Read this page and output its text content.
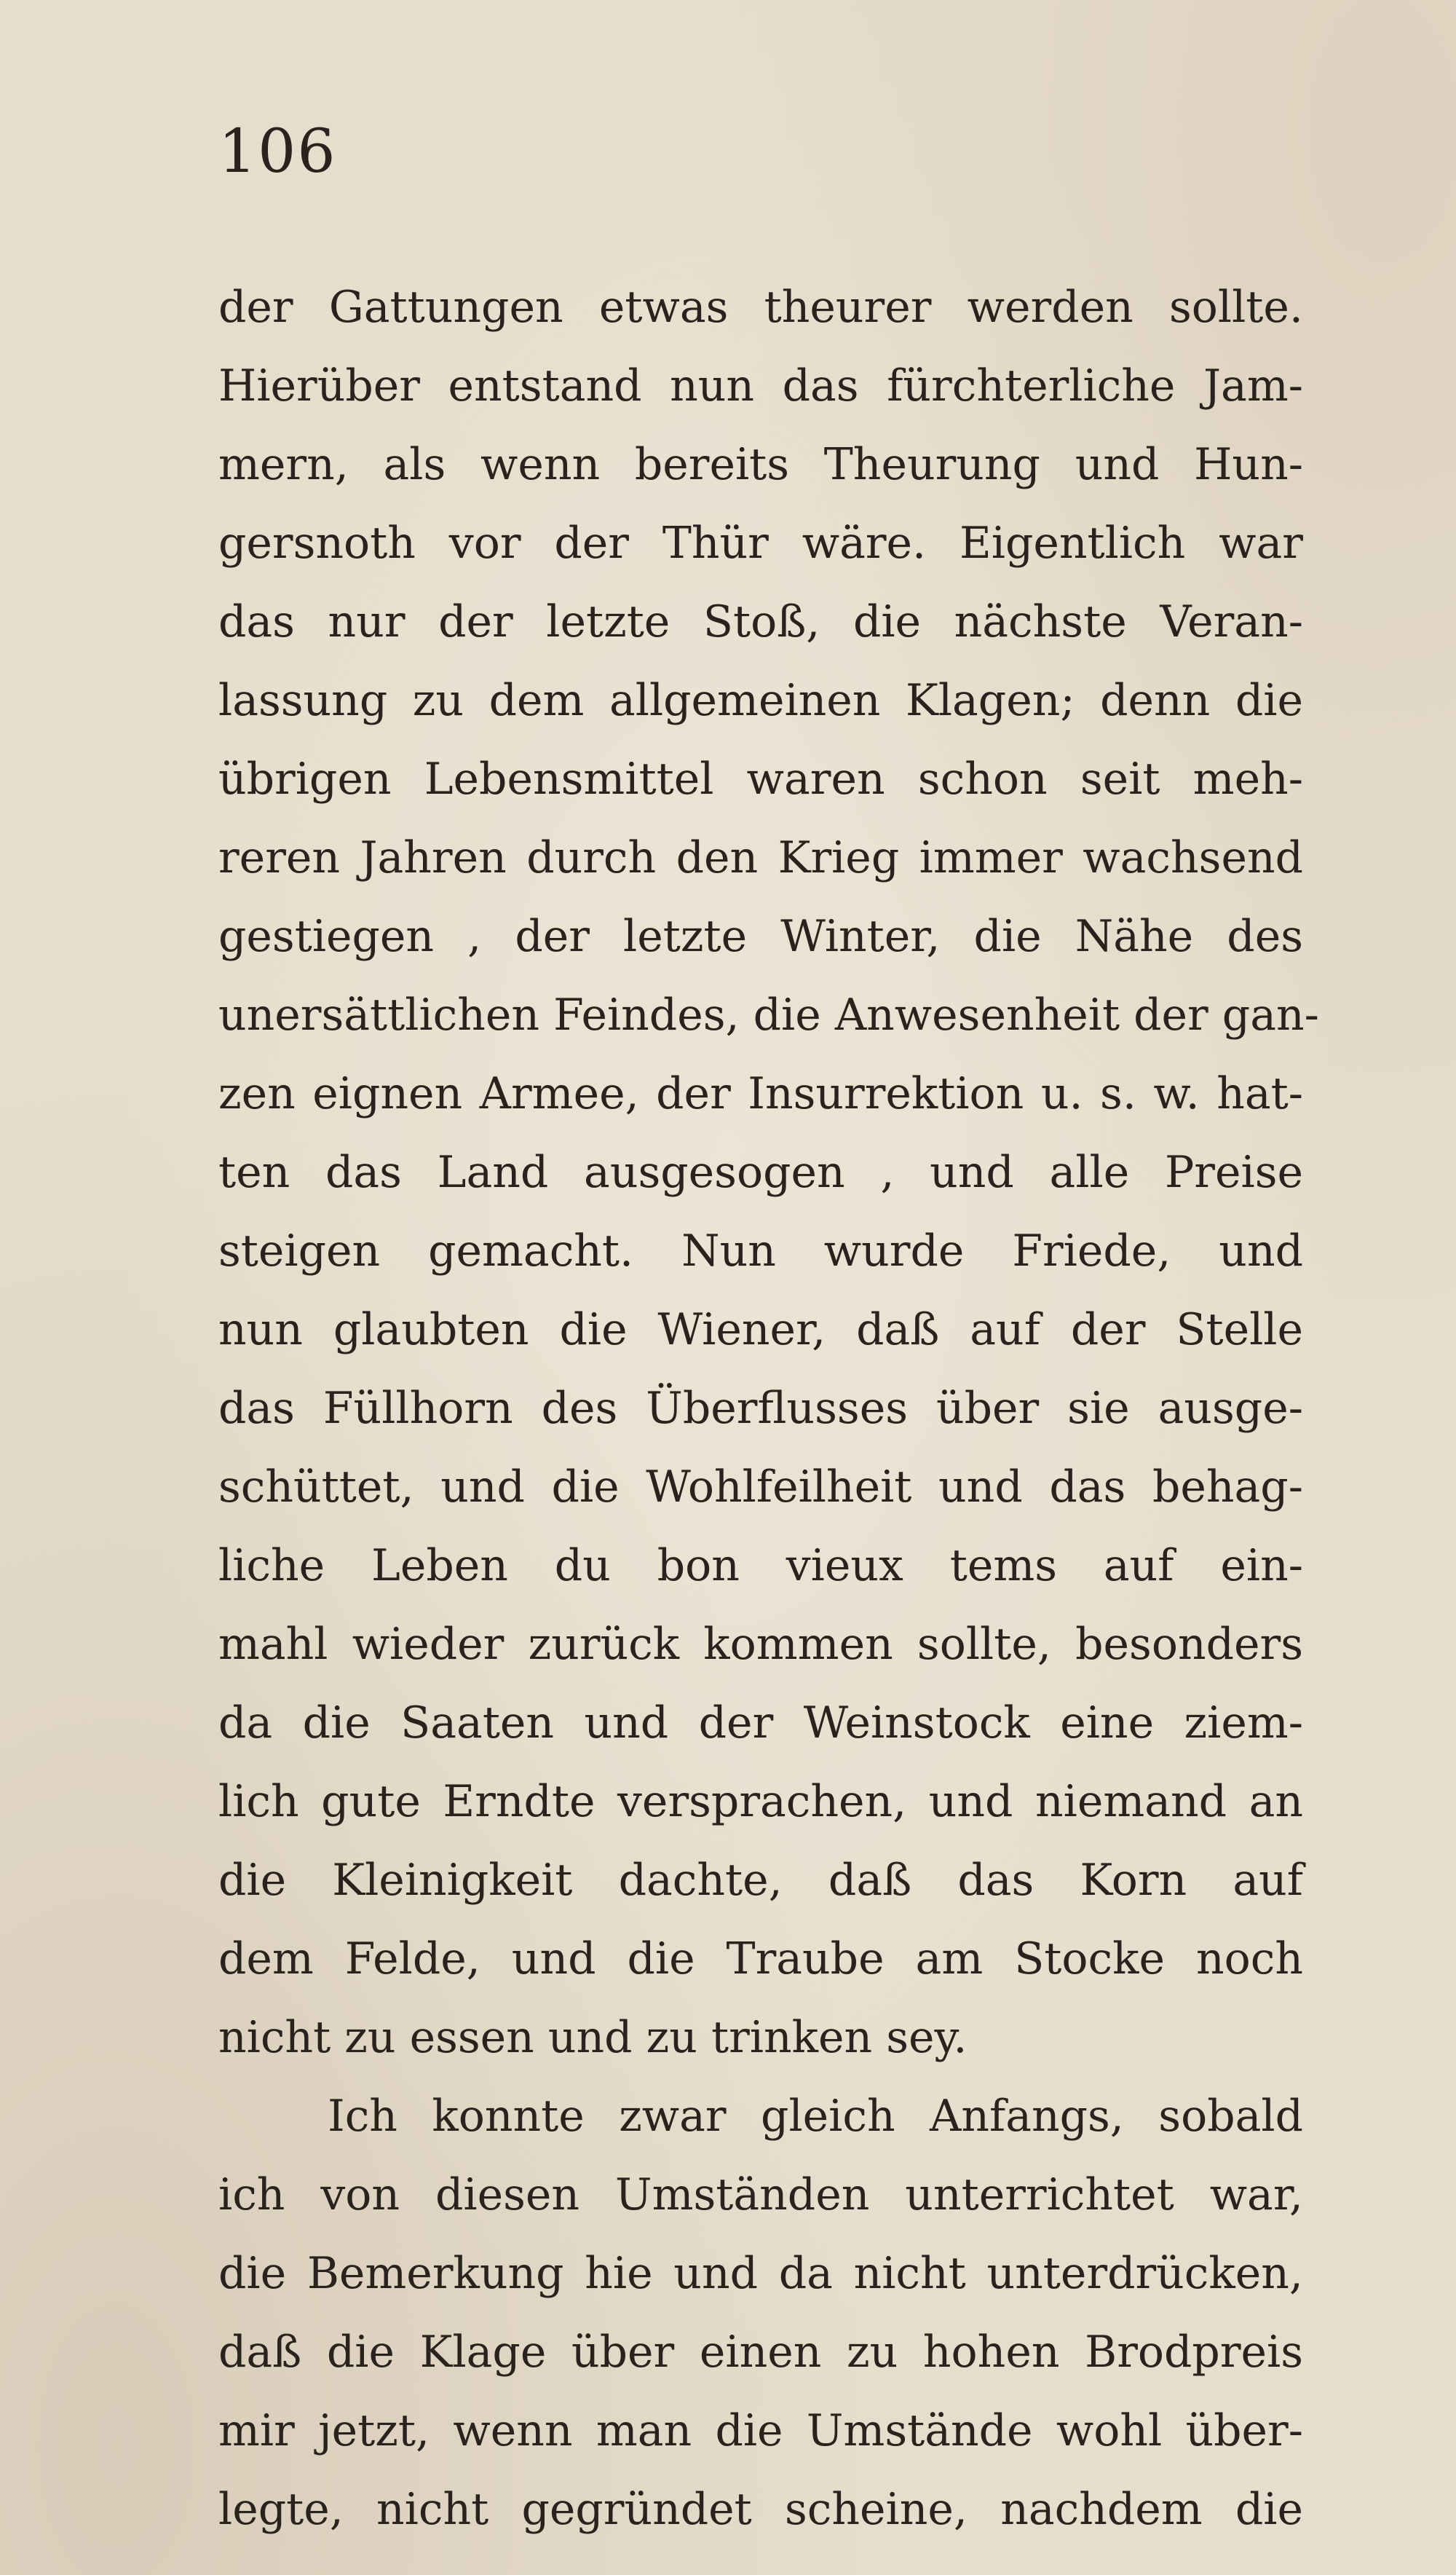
106
der Gattungen etwas theurer werden sollte.
Hierüber entstand nun das fürchterliche Jam-
mern, als wenn bereits Theurung und Hun-
gersnoth vor der Thür wäre. Eigentlich war
das nur der letzte Stoß, die nächste Veran-
lassung zu dem allgemeinen Klagen; denn die
übrigen Lebensmittel waren schon seit meh-
reren Jahren durch den Krieg immer wachsend
gestiegen , der letzte Winter, die Nähe des
unersättlichen Feindes, die Anwesenheit der gan-
zen eignen Armee, der Insurrektion u. s. w. hat-
ten das Land ausgesogen , und alle Preise
steigen gemacht. Nun wurde Friede, und
nun glaubten die Wiener, daß auf der Stelle
das Füllhorn des Überflusses über sie ausge-
schüttet, und die Wohlfeilheit und das behag-
liche Leben du bon vieux tems auf ein-
mahl wieder zurück kommen sollte, besonders
da die Saaten und der Weinstock eine ziem-
lich gute Erndte versprachen, und niemand an
die Kleinigkeit dachte, daß das Korn auf
dem Felde, und die Traube am Stocke noch
nicht zu essen und zu trinken sey.
Ich konnte zwar gleich Anfangs, sobald
ich von diesen Umständen unterrichtet war,
die Bemerkung hie und da nicht unterdrücken,
daß die Klage über einen zu hohen Brodpreis
mir jetzt, wenn man die Umstände wohl über-
legte, nicht gegründet scheine, nachdem die
